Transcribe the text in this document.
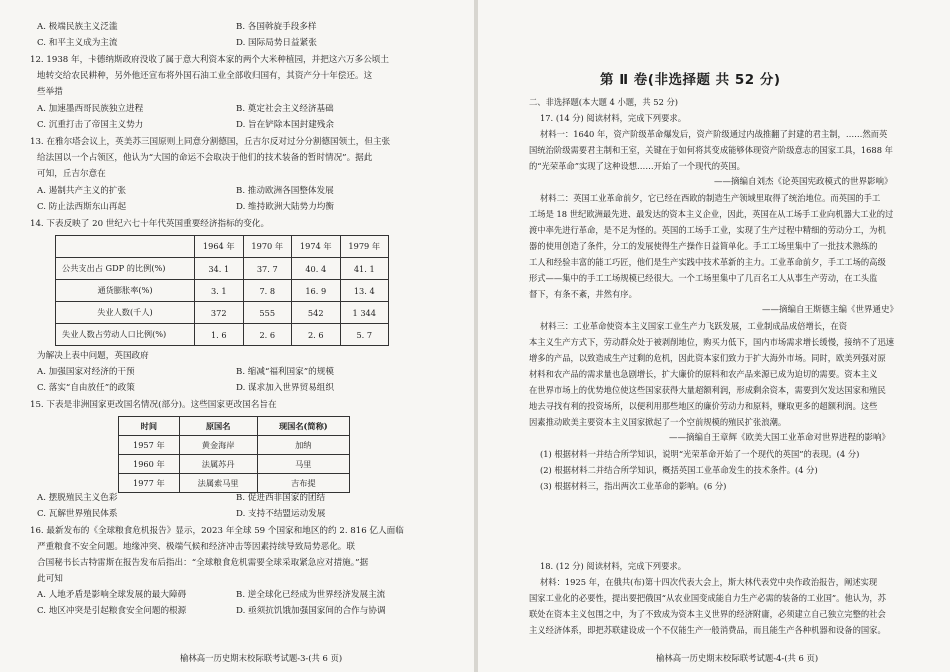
A. 极端民族主义泛滥	B. 各国斡旋手段多样
C. 和平主义成为主流	D. 国际局势日益紧张
12. 1938 年，卡德纳斯政府没收了属于意大利资本家的两个大米种植园，并把这六万多公顷土
地转交给农民耕种，另外他还宣布将外国石油工业全部收归国有，其资产分十年偿还。这
些举措
A. 加速墨西哥民族独立进程	B. 奠定社会主义经济基础
C. 沉重打击了帝国主义势力	D. 旨在铲除本国封建残余
13. 在雅尔塔会议上，英美苏三国原则上同意分割德国，丘吉尔反对过分分割德国领土，但主张
给法国以一个占领区，他认为“大国的命运不会取决于他们的技术装备的暂时情况”。据此
可知，丘吉尔意在
A. 遏制共产主义的扩张	B. 推动欧洲各国整体发展
C. 防止法西斯东山再起	D. 维持欧洲大陆势力均衡
14. 下表反映了 20 世纪六七十年代英国重要经济指标的变化。
为解决上表中问题，英国政府
A. 加强国家对经济的干预	B. 缩减“福利国家”的规模
C. 落实“自由放任”的政策	D. 谋求加入世界贸易组织
15. 下表是非洲国家更改国名情况(部分)。这些国家更改国名旨在
A. 摆脱殖民主义色彩	B. 促进西非国家的团结
C. 瓦解世界殖民体系	D. 支持不结盟运动发展
16. 最新发布的《全球粮食危机报告》显示，2023 年全球 59 个国家和地区的约 2. 816 亿人面临
严重粮食不安全问题。地缘冲突、极端气候和经济冲击等因素持续导致局势恶化。联
合国秘书长古特雷斯在报告发布后指出：“全球粮食危机需要全球采取紧急应对措施。”据
此可知
A. 人地矛盾是影响全球发展的最大障碍	B. 逆全球化已经成为世界经济发展主流
C. 地区冲突是引起粮食安全问题的根源	D. 亟须抗饥饿加强国家间的合作与协调
	1964 年	1970 年	1974 年	1979 年
公共支出占 GDP 的比例(%)	34. 1	37. 7	40. 4	41. 1
通货膨胀率(%)	3. 1	7. 8	16. 9	13. 4
失业人数(千人)	372	555	542	1 344
失业人数占劳动人口比例(%)	1. 6	2. 6	2. 6	5. 7
时间	原国名	现国名(简称)
1957 年	黄金海岸	加纳
1960 年	法属苏丹	马里
1977 年	法属索马里	吉布提
榆林高一历史期末校际联考试题-3-(共 6 页)
第 Ⅱ 卷(非选择题 共 52 分)
二、非选择题(本大题 4 小题，共 52 分)
17. (14 分) 阅读材料，完成下列要求。
材料一：1640 年，资产阶级革命爆发后，资产阶级通过内战推翻了封建的君主制，……然而英
国统治阶级需要君主制和王室，关键在于如何将其变成能够体现资产阶级意志的国家工具，1688 年
的“光荣革命”实现了这种设想……开始了一个现代的英国。
材料二：英国工业革命前夕，它已经在西欧的制造生产领域里取得了统治地位。而英国的手工
工场是 18 世纪欧洲最先进、最发达的资本主义企业，因此，英国在从工场手工业向机器大工业的过
渡中率先进行革命，是不足为怪的。英国的工场手工业，实现了生产过程中精细的劳动分工，为机
器的使用创造了条件，分工的发展使得生产操作日益简单化。手工工场里集中了一批技术熟练的
工人和经验丰富的能工巧匠，他们是生产实践中技术革新的主力。工业革命前夕，手工工场的高级
形式——集中的手工工场规模已经很大。一个工场里集中了几百名工人从事生产劳动，在工头监
督下，有条不紊，井然有序。
材料三：工业革命使资本主义国家工业生产力飞跃发展，工业制成品成倍增长，在资
本主义生产方式下，劳动群众处于被剥削地位，购买力低下，国内市场需求增长缓慢，接纳不了迅速
增多的产品，以致造成生产过剩的危机，因此资本家们致力于扩大海外市场。同时，欧美列强对原
材料和农产品的需求量也急剧增长，扩大廉价的原料和农产品来源已成为迫切的需要。资本主义
在世界市场上的优势地位使这些国家获得大量超额利润，形成剩余资本，需要到欠发达国家和殖民
地去寻找有利的投资场所，以便利用那些地区的廉价劳动力和原料，赚取更多的超额利润。这些
因素推动欧美主要资本主义国家掀起了一个空前规模的殖民扩张浪潮。
(1) 根据材料一并结合所学知识，说明“光荣革命开始了一个现代的英国”的表现。(4 分)
(2) 根据材料二并结合所学知识，概括英国工业革命发生的技术条件。(4 分)
(3) 根据材料三，指出两次工业革命的影响。(6 分)
18. (12 分) 阅读材料，完成下列要求。
材料：1925 年，在俄共(布)第十四次代表大会上，斯大林代表党中央作政治报告，阐述实现
国家工业化的必要性，提出要把俄国“从农业国变成能自力生产必需的装备的工业国”。他认为，苏
联处在资本主义包围之中，为了不致成为资本主义世界的经济附庸，必须建立自己独立完整的社会
主义经济体系，即把苏联建设成一个不仅能生产一般消费品，而且能生产各种机器和设备的国家。
——摘编自刘杰《论英国宪政模式的世界影响》
——摘编自王斯德主编《世界通史》
——摘编自王章辉《欧美大国工业革命对世界进程的影响》
榆林高一历史期末校际联考试题-4-(共 6 页)
